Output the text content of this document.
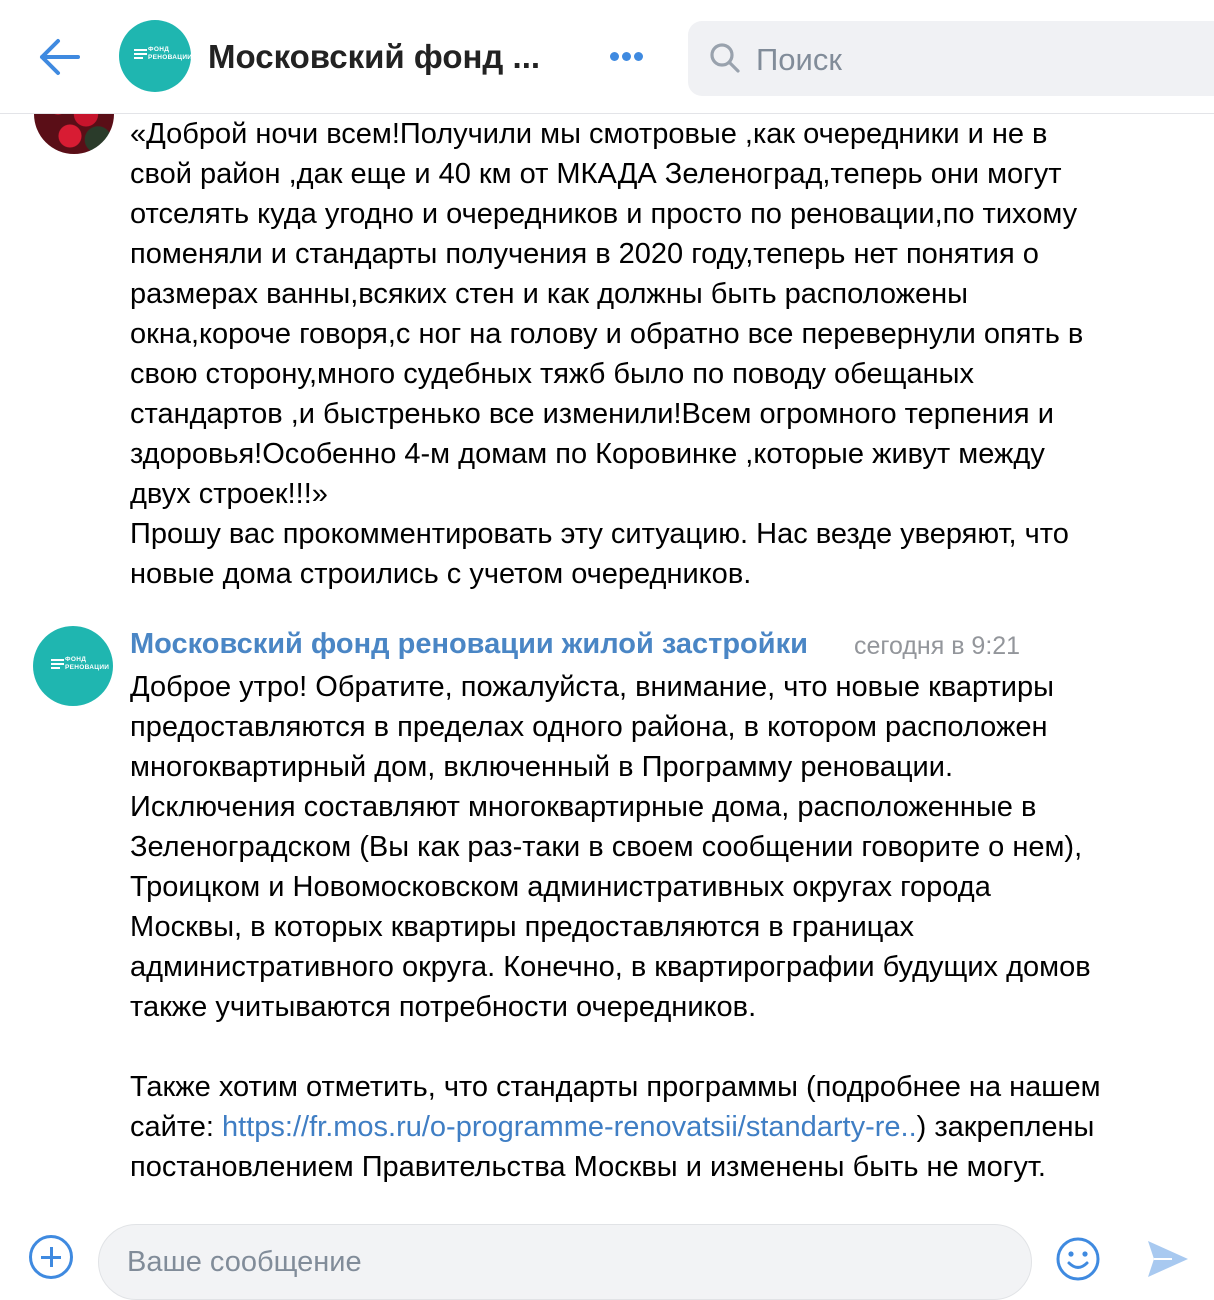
ФОНД
РЕНОВАЦИИ Московский фонд ...
Поиск
«Доброй ночи всем!Получили мы смотровые ,как очередники и не в
свой район ,дак еще и 40 км от МКАДА Зеленоград,теперь они могут
отселять куда угодно и очередников и просто по реновации,по тихому
поменяли и стандарты получения в 2020 году,теперь нет понятия о
размерах ванны,всяких стен и как должны быть расположены
окна,короче говоря,с ног на голову и обратно все перевернули опять в
свою сторону,много судебных тяжб было по поводу обещаных
стандартов ,и быстренько все изменили!Всем огромного терпения и
здоровья!Особенно 4-м домам по Коровинке ,которые живут между
двух строек!!!»
Прошу вас прокомментировать эту ситуацию. Нас везде уверяют, что
новые дома строились с учетом очередников.
ФОНД
РЕНОВАЦИИ
Московский фонд реновации жилой застройки сегодня в 9:21
Доброе утро! Обратите, пожалуйста, внимание, что новые квартиры
предоставляются в пределах одного района, в котором расположен
многоквартирный дом, включенный в Программу реновации.
Исключения составляют многоквартирные дома, расположенные в
Зеленоградском (Вы как раз-таки в своем сообщении говорите о нем),
Троицком и Новомосковском административных округах города
Москвы, в которых квартиры предоставляются в границах
административного округа. Конечно, в квартирографии будущих домов
также учитываются потребности очередников.

Также хотим отметить, что стандарты программы (подробнее на нашем
сайте: https://fr.mos.ru/o-programme-renovatsii/standarty-re..) закреплены
постановлением Правительства Москвы и изменены быть не могут.
Ваше сообщение
